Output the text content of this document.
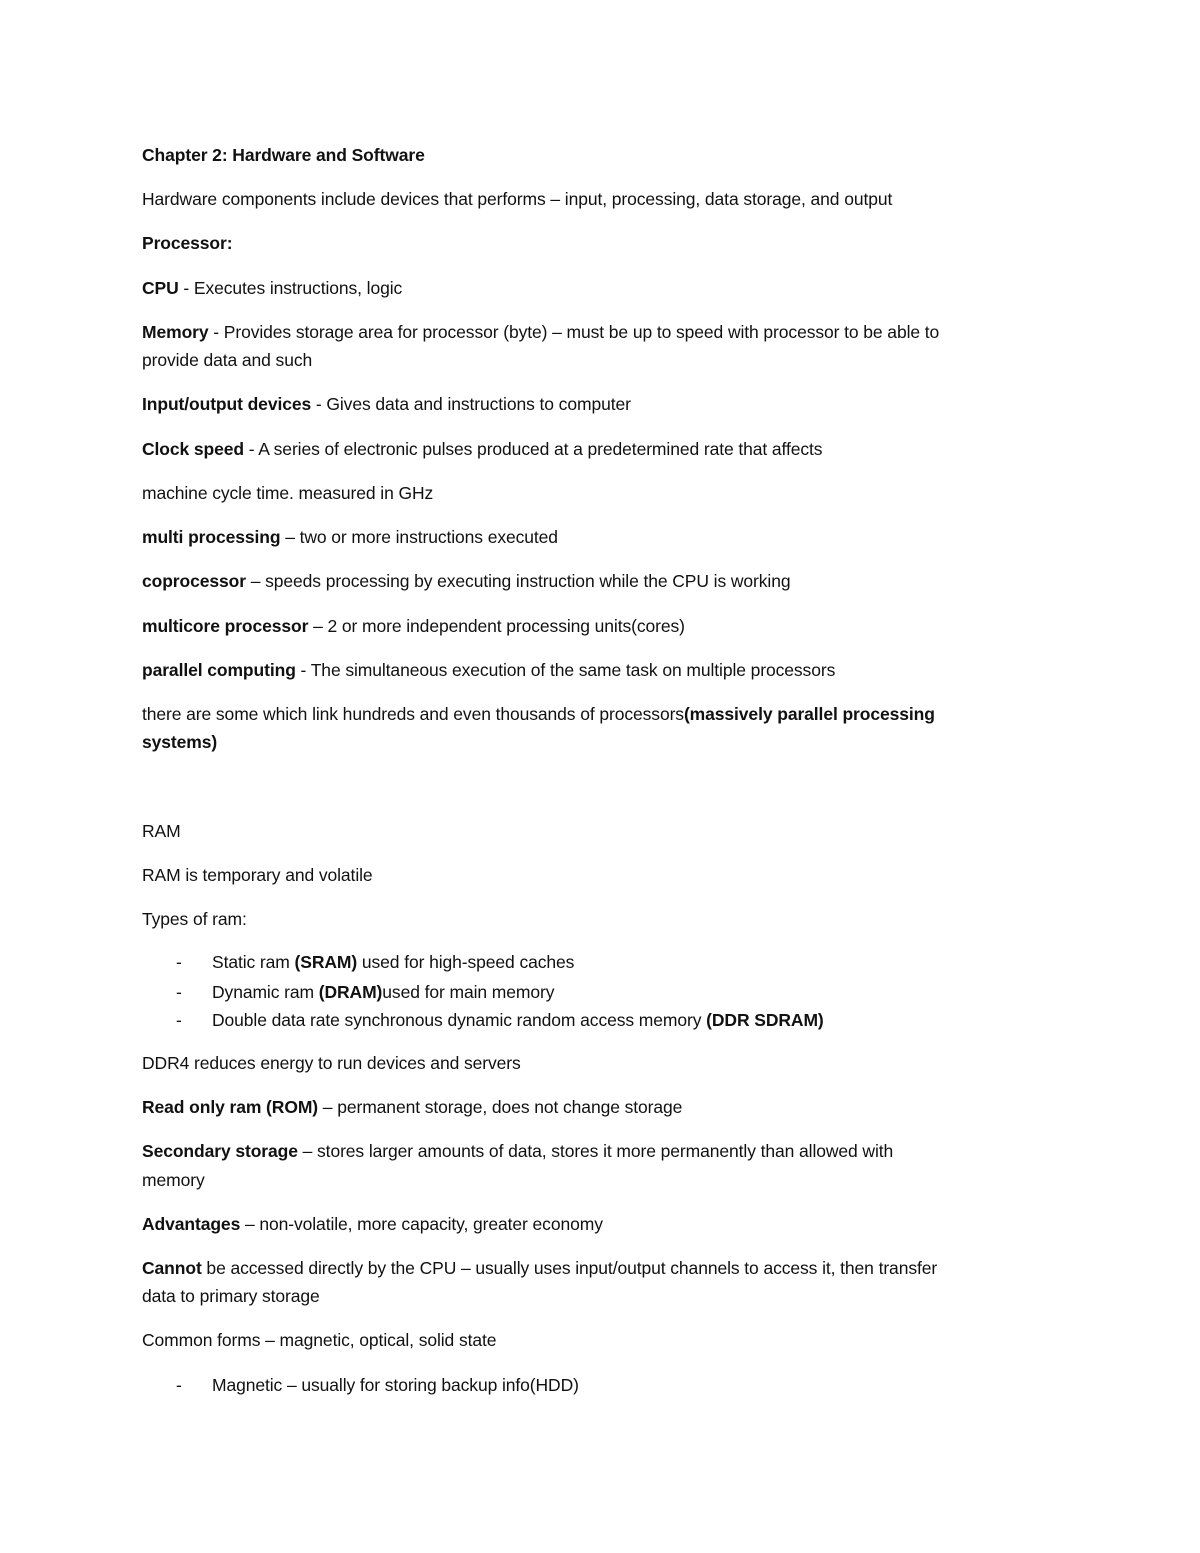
Chapter 2: Hardware and Software
Hardware components include devices that performs – input, processing, data storage, and output
Processor:
CPU - Executes instructions, logic
Memory - Provides storage area for processor (byte) – must be up to speed with processor to be able to
provide data and such
Input/output devices - Gives data and instructions to computer
Clock speed - A series of electronic pulses produced at a predetermined rate that affects
machine cycle time. measured in GHz
multi processing – two or more instructions executed
coprocessor – speeds processing by executing instruction while the CPU is working
multicore processor – 2 or more independent processing units(cores)
parallel computing - The simultaneous execution of the same task on multiple processors
there are some which link hundreds and even thousands of processors(massively parallel processing
systems)
RAM
RAM is temporary and volatile
Types of ram:
- Static ram (SRAM) used for high-speed caches
- Dynamic ram (DRAM)used for main memory
- Double data rate synchronous dynamic random access memory (DDR SDRAM)
DDR4 reduces energy to run devices and servers
Read only ram (ROM) – permanent storage, does not change storage
Secondary storage – stores larger amounts of data, stores it more permanently than allowed with
memory
Advantages – non-volatile, more capacity, greater economy
Cannot be accessed directly by the CPU – usually uses input/output channels to access it, then transfer
data to primary storage
Common forms – magnetic, optical, solid state
- Magnetic – usually for storing backup info(HDD)
